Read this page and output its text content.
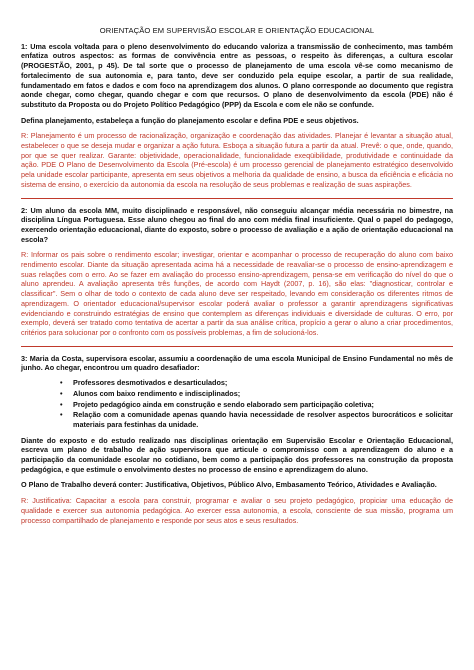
ORIENTAÇÃO EM SUPERVISÃO ESCOLAR E ORIENTAÇÃO EDUCACIONAL

1: Uma escola voltada para o pleno desenvolvimento do educando valoriza a transmissão de conhecimento, mas também enfatiza outros aspectos: as formas de convivência entre as pessoas, o respeito às diferenças, a cultura escolar (PROGESTÃO, 2001, p 45). De tal sorte que o processo de planejamento de uma escola vê-se como mecanismo de fortalecimento de sua autonomia e, para tanto, deve ser conduzido pela equipe escolar, a partir de sua realidade, fundamentado em fatos e dados e com foco na aprendizagem dos alunos. O plano corresponde ao documento que registra aonde chegar, como chegar, quando chegar e com que recursos. O plano de desenvolvimento da escola (PDE) não é substituto da Proposta ou do Projeto Político Pedagógico (PPP) da Escola e com ele não se confunde.

Defina planejamento, estabeleça a função do planejamento escolar e defina PDE e seus objetivos.

R: Planejamento é um processo de racionalização, organização e coordenação das atividades. Planejar é levantar a situação atual, estabelecer o que se deseja mudar e organizar a ação futura. Esboça a situação futura a partir da atual. Prevê: o que, onde, quando, por que se quer realizar. Garante: objetividade, operacionalidade, funcionalidade exeqüibilidade, produtividade e continuidade da ação. PDE O Plano de Desenvolvimento da Escola (Pré-escola) é um processo gerencial de planejamento estratégico desenvolvido pela unidade escolar participante, apresenta em seus objetivos a melhoria da qualidade de ensino, a busca da eficiência e eficácia no sistema de ensino, o exercício da autonomia da escola na resolução de seus problemas e realização de suas aspirações.

2: Um aluno da escola MM, muito disciplinado e responsável, não conseguiu alcançar média necessária no bimestre, na disciplina Língua Portuguesa. Esse aluno chegou ao final do ano com média final insuficiente. Qual o papel do pedagogo, exercendo orientação educacional, diante do exposto, sobre o processo de avaliação e a ação de orientação educacional na escola?

R: Informar os pais sobre o rendimento escolar; investigar, orientar e acompanhar o processo de recuperação do aluno com baixo rendimento escolar. Diante da situação apresentada acima há a necessidade de reavaliar-se o processo de ensino-aprendizagem e suas relações com o erro. Ao se fazer em avaliação do processo ensino-aprendizagem, pensa-se em verificação do nível do que o aluno aprendeu. A avaliação apresenta três funções, de acordo com Haydt (2007, p. 16), são elas: "diagnosticar, controlar e classificar". Sem o olhar de todo o contexto de cada aluno deve ser respeitado, levando em consideração os diferentes ritmos de aprendizagem. O orientador educacional/supervisor escolar poderá avaliar o professor a garantir aprendizagens significativas evidenciando e construindo estratégias de ensino que contemplem as diferenças individuais e diversidade de culturas. O erro, por exemplo, deverá ser tratado como tentativa de acertar a partir da sua análise crítica, propício a gerar o aluno a criar procedimentos, critérios para solucionar por o confronto com os possíveis problemas, a fim de solucioná-los.

3: Maria da Costa, supervisora escolar, assumiu a coordenação de uma escola Municipal de Ensino Fundamental no mês de junho. Ao chegar, encontrou um quadro desafiador:

• Professores desmotivados e desarticulados;
• Alunos com baixo rendimento e indisciplinados;
• Projeto pedagógico ainda em construção e sendo elaborado sem participação coletiva;
• Relação com a comunidade apenas quando havia necessidade de resolver aspectos burocráticos e solicitar materiais para festinhas da unidade.

Diante do exposto e do estudo realizado nas disciplinas orientação em Supervisão Escolar e Orientação Educacional, escreva um plano de trabalho de ação supervisora que articule o compromisso com a aprendizagem do aluno e a participação da comunidade escolar no cotidiano, bem como a participação dos professores na construção da proposta pedagógica, e que estimule o envolvimento destes no processo de ensino e aprendizagem do aluno.

O Plano de Trabalho deverá conter: Justificativa, Objetivos, Público Alvo, Embasamento Teórico, Atividades e Avaliação.

R: Justificativa: Capacitar a escola para construir, programar e avaliar o seu projeto pedagógico, propiciar uma educação de qualidade e exercer sua autonomia pedagógica. Ao exercer essa autonomia, a escola, consciente de sua missão, programa um processo compartilhado de planejamento e responde por seus atos e seus resultados.
